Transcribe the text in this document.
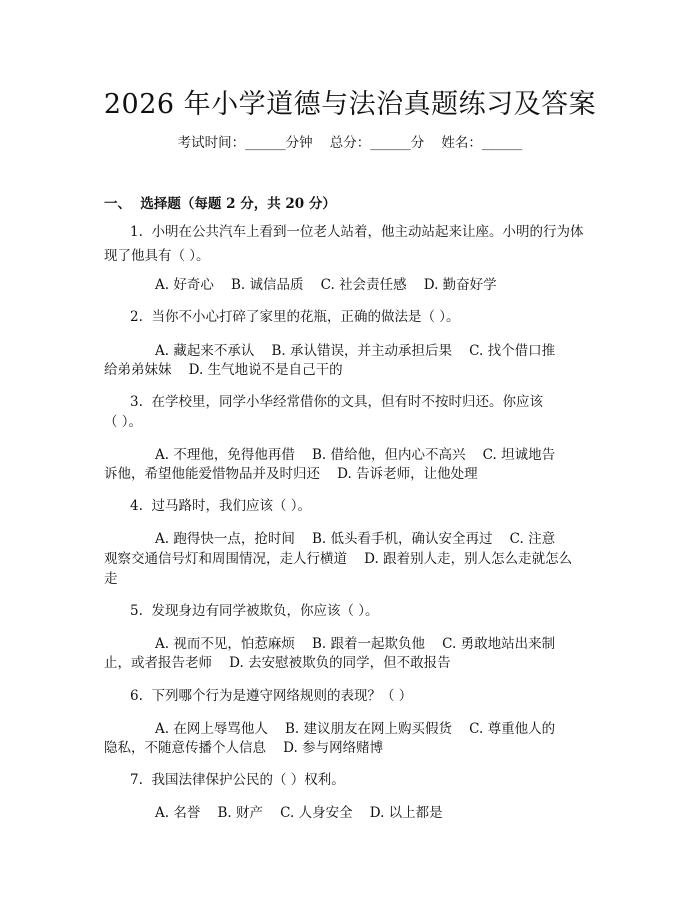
2026 年小学道德与法治真题练习及答案
考试时间：______分钟    总分：______分    姓名：______
一、  选择题（每题 2 分，共 20 分）
1.  小明在公共汽车上看到一位老人站着，他主动站起来让座。小明的行为体
现了他具有（ ）。
A. 好奇心    B. 诚信品质    C. 社会责任感    D. 勤奋好学
2.  当你不小心打碎了家里的花瓶，正确的做法是（ ）。
A. 藏起来不承认    B. 承认错误，并主动承担后果    C. 找个借口推
给弟弟妹妹    D. 生气地说不是自己干的
3.  在学校里，同学小华经常借你的文具，但有时不按时归还。你应该
（ ）。
A. 不理他，免得他再借    B. 借给他，但内心不高兴    C. 坦诚地告
诉他，希望他能爱惜物品并及时归还    D. 告诉老师，让他处理
4.  过马路时，我们应该（ ）。
A. 跑得快一点，抢时间    B. 低头看手机，确认安全再过    C. 注意
观察交通信号灯和周围情况，走人行横道    D. 跟着别人走，别人怎么走就怎么
走
5.  发现身边有同学被欺负，你应该（ ）。
A. 视而不见，怕惹麻烦    B. 跟着一起欺负他    C. 勇敢地站出来制
止，或者报告老师    D. 去安慰被欺负的同学，但不敢报告
6.  下列哪个行为是遵守网络规则的表现？（ ）
A. 在网上辱骂他人    B. 建议朋友在网上购买假货    C. 尊重他人的
隐私，不随意传播个人信息    D. 参与网络赌博
7.  我国法律保护公民的（ ）权利。
A. 名誉    B. 财产    C. 人身安全    D. 以上都是
